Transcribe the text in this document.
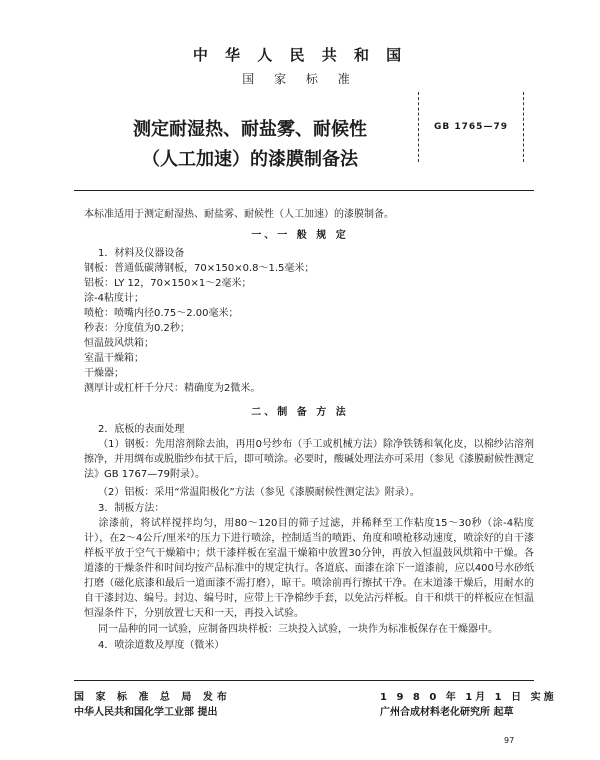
中 华 人 民 共 和 国
国 家 标 准
测定耐湿热、耐盐雾、耐候性
（人工加速）的漆膜制备法
GB 1765—79
本标准适用于测定耐湿热、耐盐雾、耐候性（人工加速）的漆膜制备。
一、一 般 规 定
1．材料及仪器设备
钢板：普通低碳薄钢板，70×150×0.8～1.5毫米；
铝板：LY 12，70×150×1～2毫米；
涂-4粘度计；
喷枪：喷嘴内径0.75～2.00毫米；
秒表：分度值为0.2秒；
恒温鼓风烘箱；
室温干燥箱；
干燥器；
测厚计或杠杆千分尺：精确度为2微米。
二、制 备 方 法
2．底板的表面处理
（1）钢板：先用溶剂除去油，再用0号纱布（手工或机械方法）除净铁锈和氧化皮，以棉纱沾溶剂擦净，并用绸布或脱脂纱布拭干后，即可喷涂。必要时，酸碱处理法亦可采用（参见《漆膜耐候性测定法》GB 1767—79附录）。
（2）铝板：采用“常温阳极化”方法（参见《漆膜耐候性测定法》附录）。
3．制板方法：
涂漆前，将试样搅拌均匀，用80～120目的筛子过滤，并稀释至工作粘度15～30秒（涂-4粘度计），在2～4公斤/厘米²的压力下进行喷涂，控制适当的喷距、角度和喷枪移动速度，喷涂好的自干漆样板平放于空气干燥箱中；烘干漆样板在室温干燥箱中放置30分钟，再放入恒温鼓风烘箱中干燥。各道漆的干燥条件和时间均按产品标准中的规定执行。各道底、面漆在涂下一道漆前，应以400号水砂纸打磨（磁化底漆和最后一道面漆不需打磨），晾干。喷涂前再行擦拭干净。在末道漆干燥后，用耐水的自干漆封边、编号。封边、编号时，应带上干净棉纱手套，以免沾污样板。自干和烘干的样板应在恒温恒湿条件下，分别放置七天和一天，再投入试验。
同一品种的同一试验，应制备四块样板：三块投入试验，一块作为标准板保存在干燥器中。
4．喷涂道数及厚度（微米）
国 家 标 准 总 局 发布
中华人民共和国化学工业部 提出
1 9 8 0 年 1月 1 日 实施
广州合成材料老化研究所 起草
97
